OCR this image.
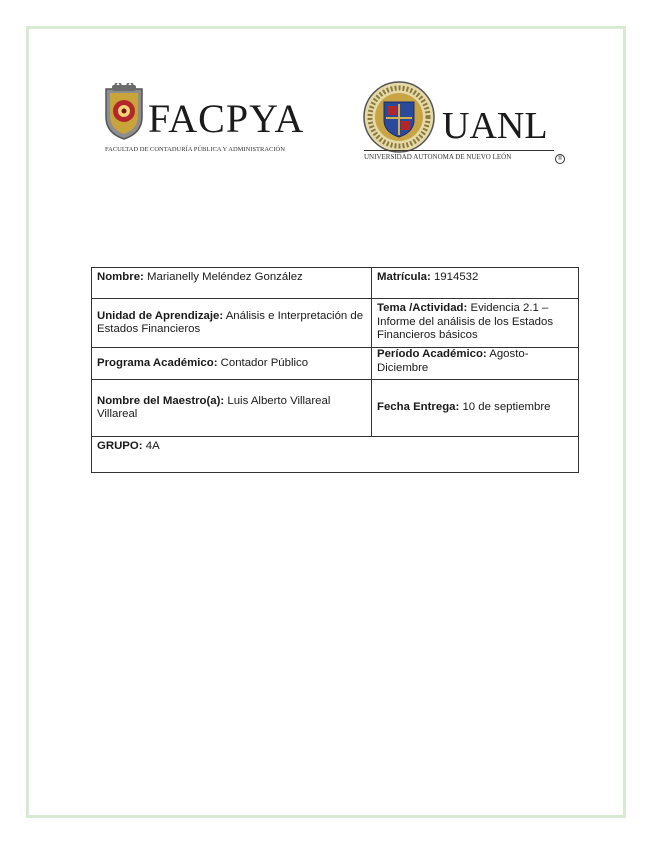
FACPYA
FACULTAD DE CONTADURÍA PÚBLICA Y ADMINISTRACIÓN
UANL
UNIVERSIDAD AUTONOMA DE NUEVO LEÓN	®
Nombre: Marianelly Meléndez González	Matrícula: 1914532
Unidad de Aprendizaje: Análisis e Interpretación de Estados Financieros	Tema /Actividad: Evidencia 2.1 – Informe del análisis de los Estados Financieros básicos
Programa Académico: Contador Público	Período Académico: Agosto-Diciembre
Nombre del Maestro(a): Luis Alberto Villareal Villareal	Fecha Entrega: 10 de septiembre
GRUPO: 4A	
